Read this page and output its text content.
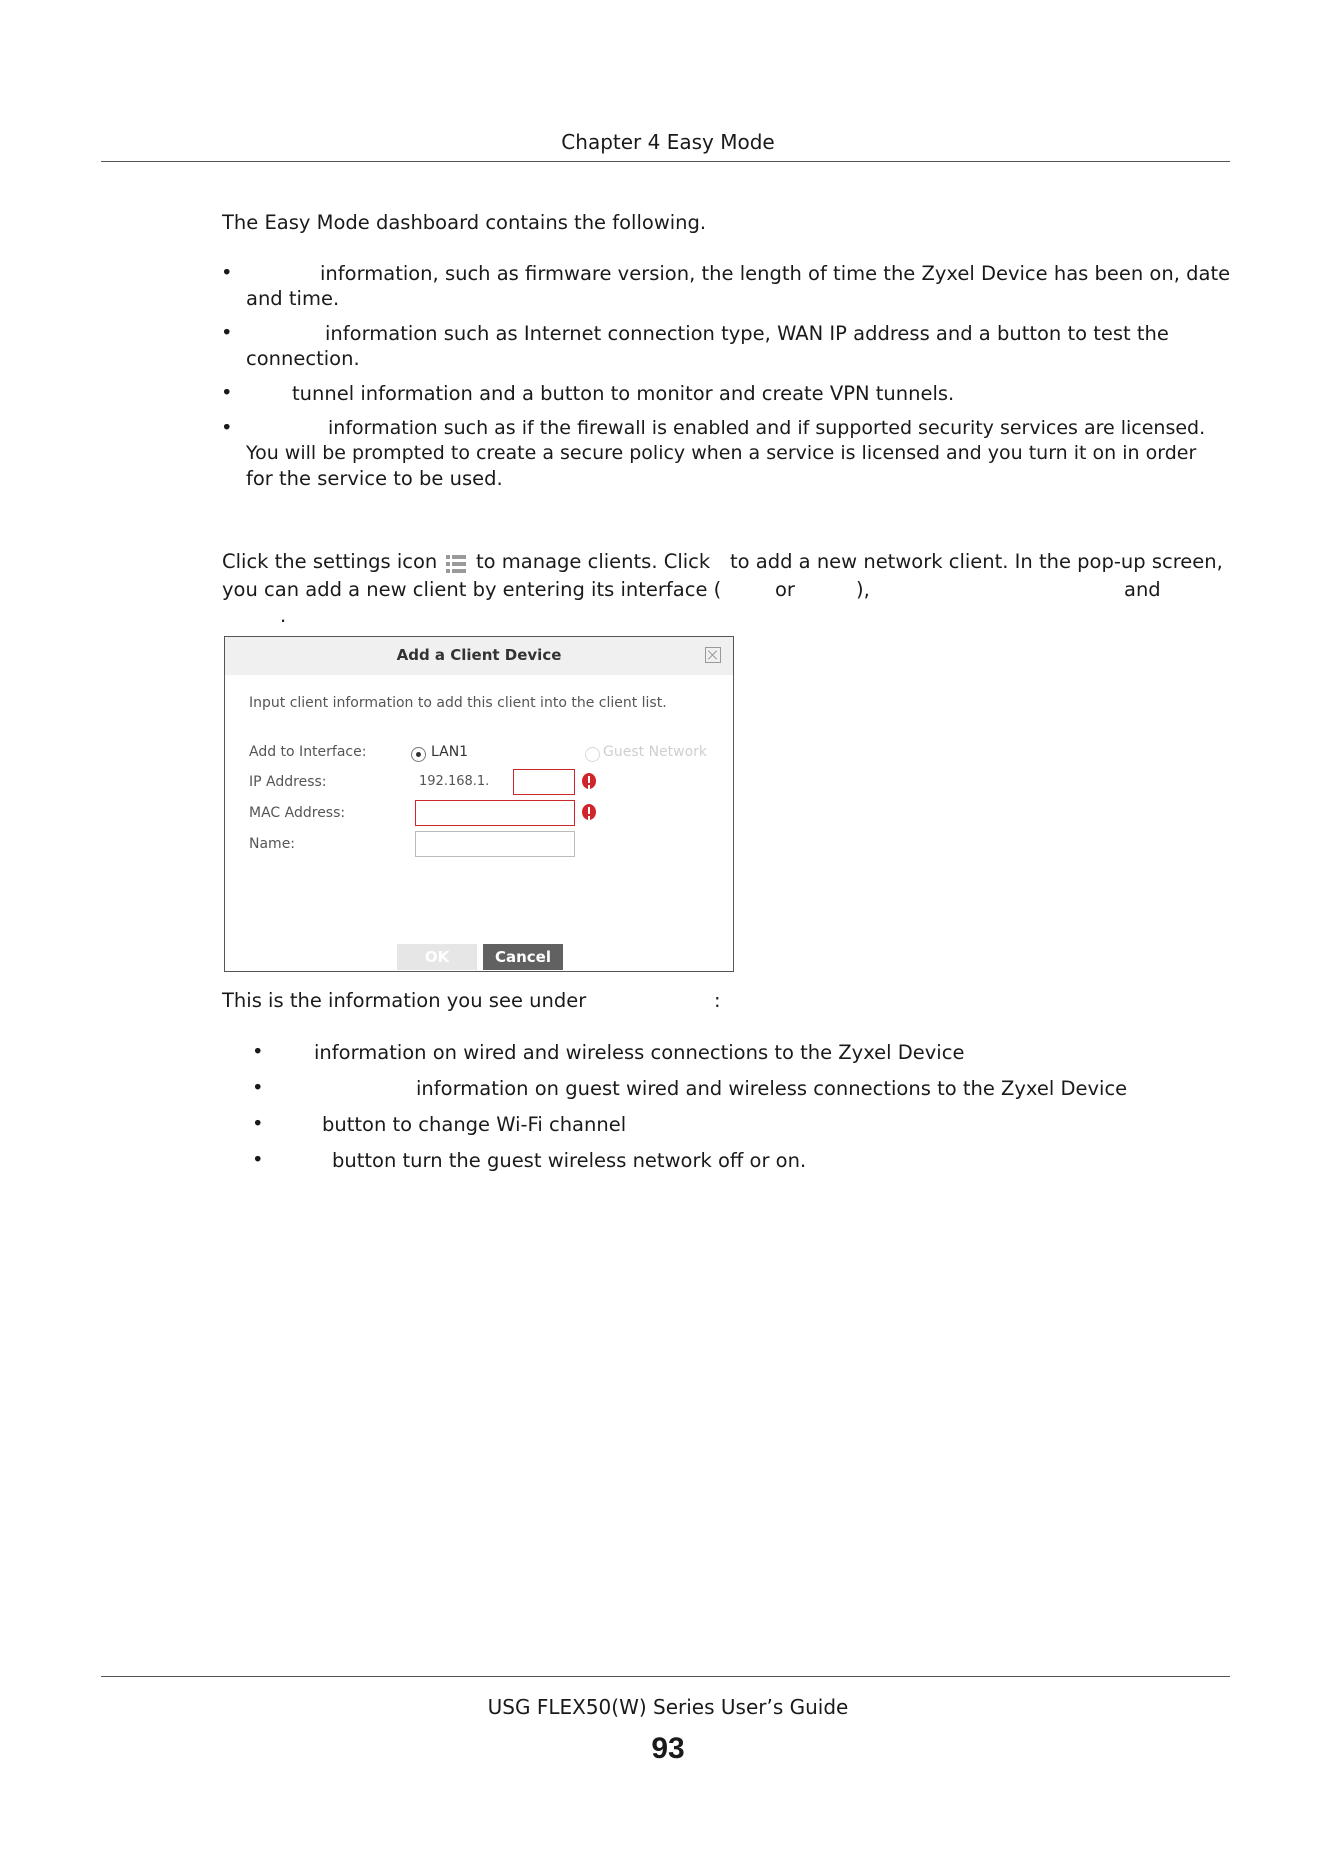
Chapter 4 Easy Mode
The Easy Mode dashboard contains the following.
•	information, such as firmware version, the length of time the Zyxel Device has been on, date
and time.
•	information such as Internet connection type, WAN IP address and a button to test the
connection.
•	tunnel information and a button to monitor and create VPN tunnels.
•	information such as if the firewall is enabled and if supported security services are licensed.
You will be prompted to create a secure policy when a service is licensed and you turn it on in order
for the service to be used.
Click the settings icon to manage clients. Click to add a new network client. In the pop-up screen,
you can add a new client by entering its interface (	or	),	and
.
Add a Client Device
Input client information to add this client into the client list.
Add to Interface:	LAN1	Guest Network
IP Address:	192.168.1.
MAC Address:
Name:
OK	Cancel
This is the information you see under	:
•	information on wired and wireless connections to the Zyxel Device
•	information on guest wired and wireless connections to the Zyxel Device
•	button to change Wi-Fi channel
•	button turn the guest wireless network off or on.
USG FLEX50(W) Series User’s Guide
93
